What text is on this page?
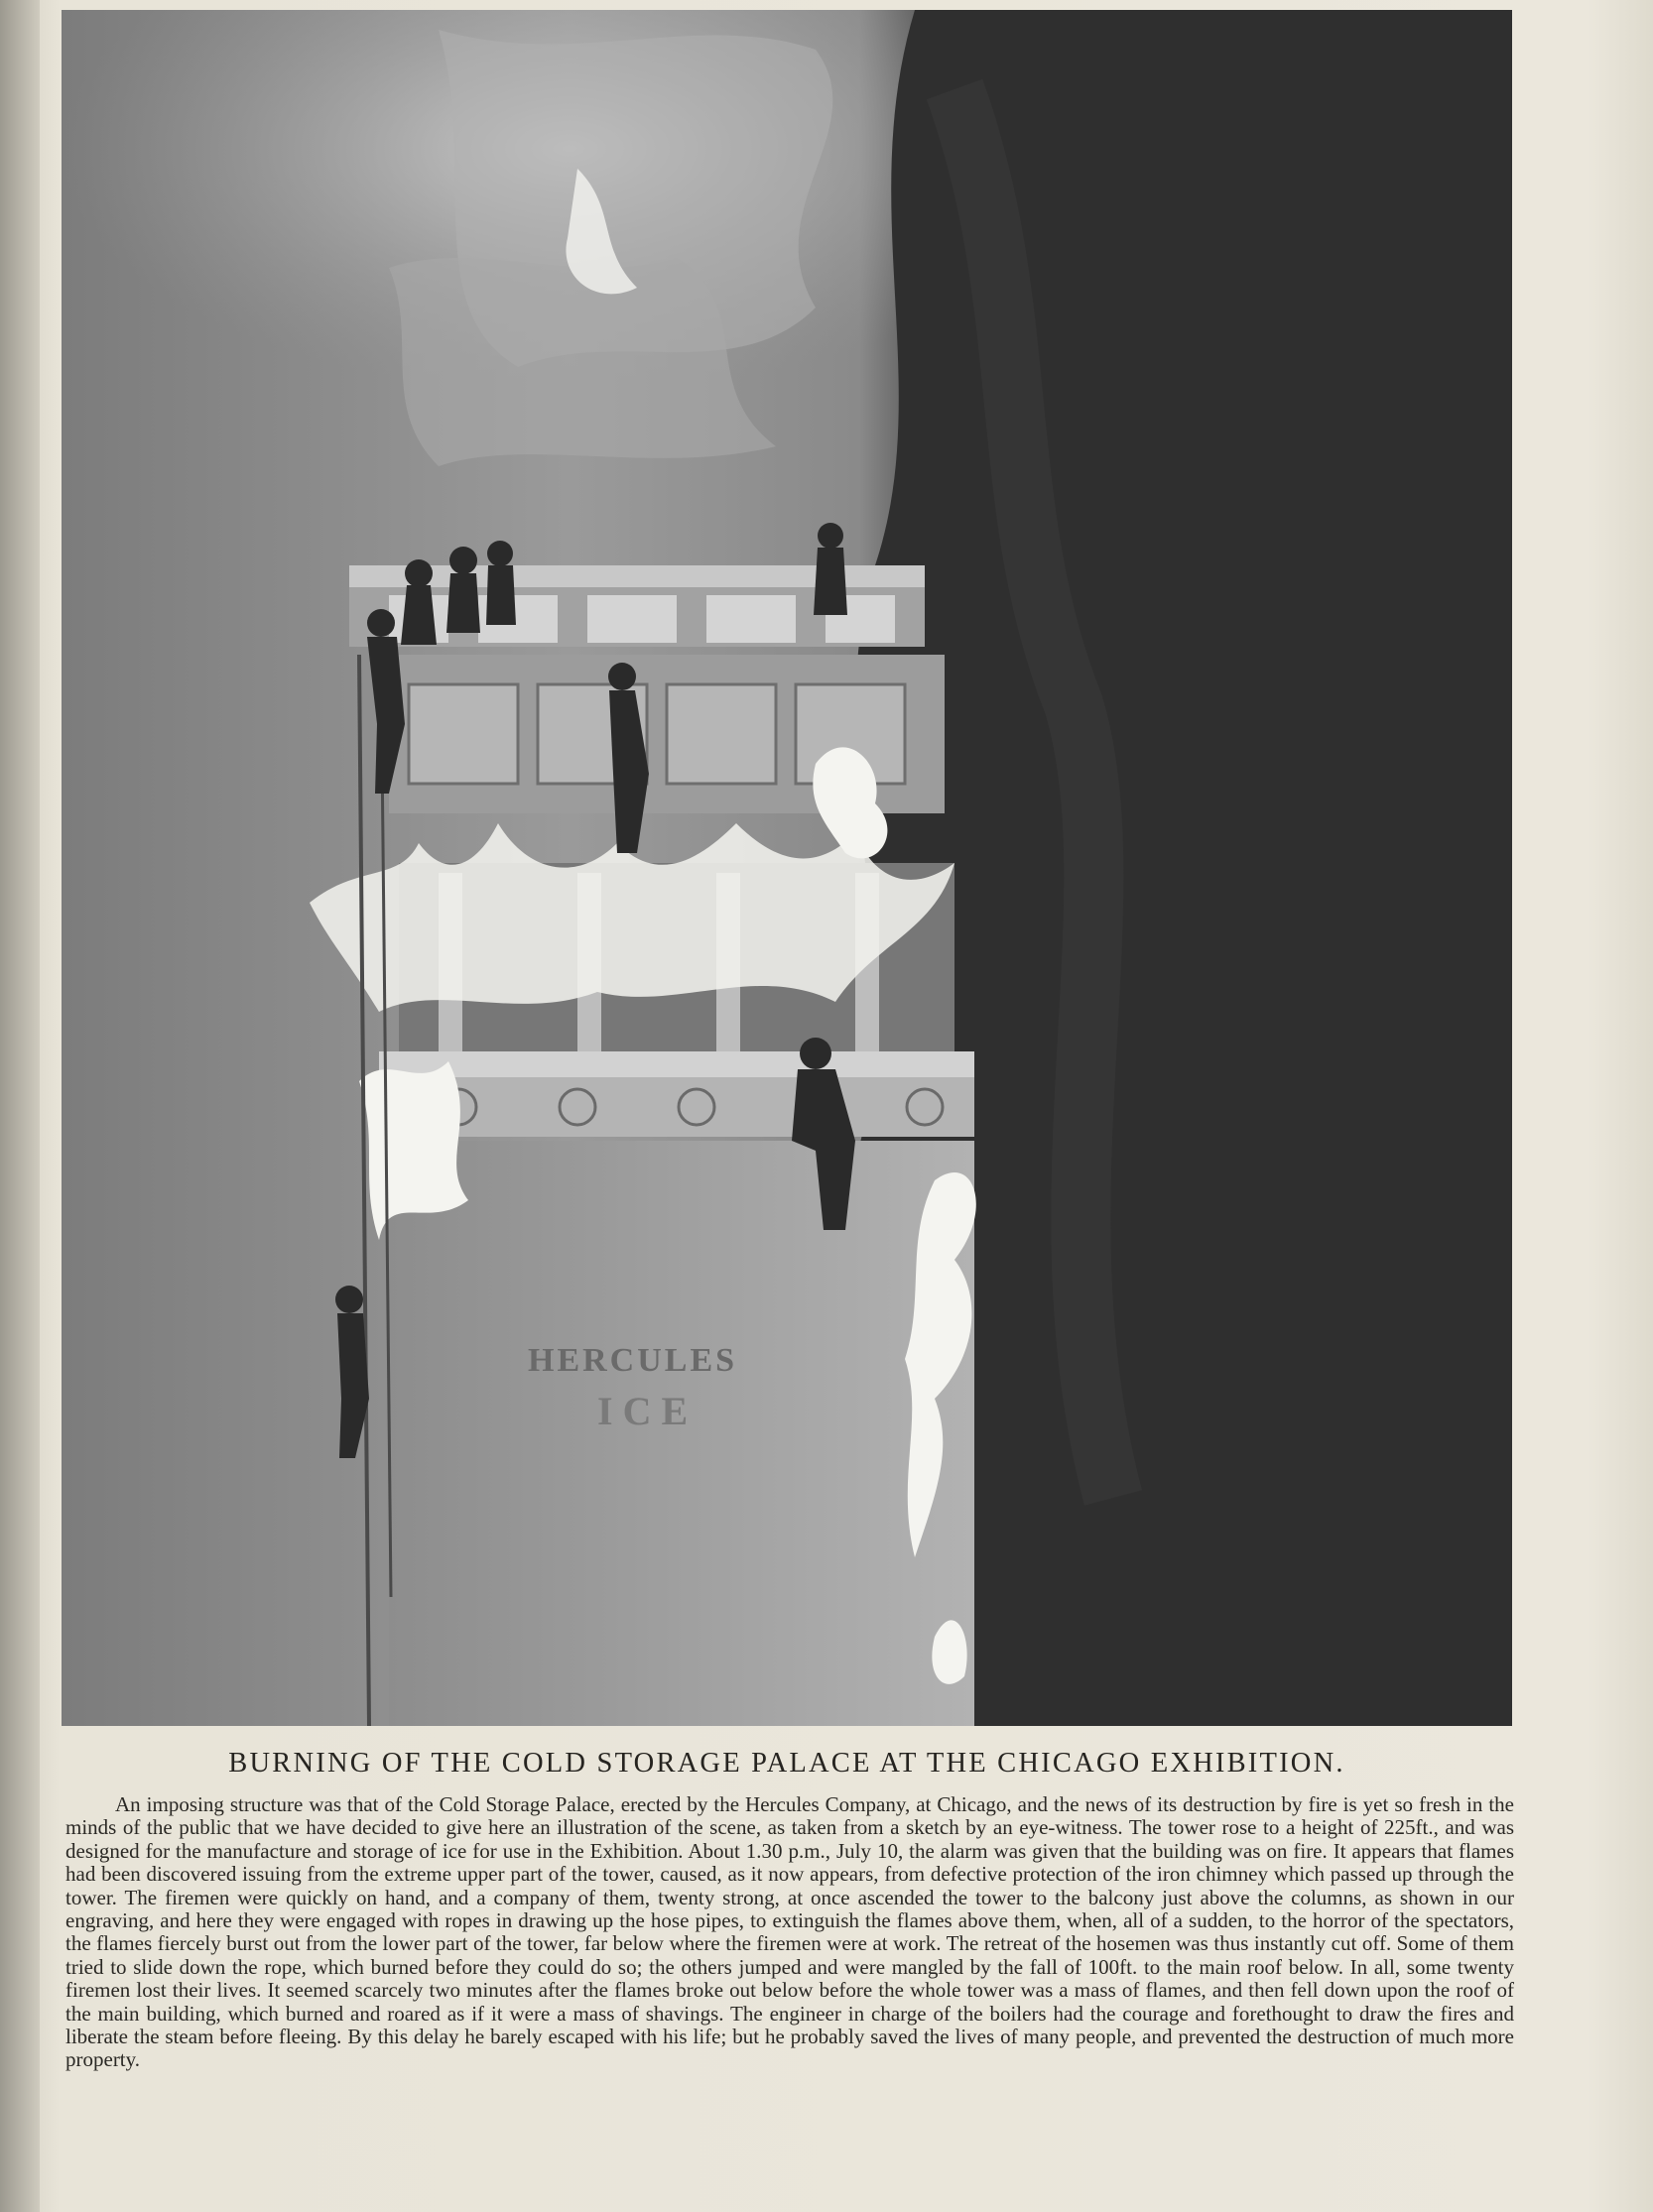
HERCULES
ICE
BURNING OF THE COLD STORAGE PALACE AT THE CHICAGO EXHIBITION.
An imposing structure was that of the Cold Storage Palace, erected by the Hercules Company, at Chicago, and the news of its destruction by fire is yet so fresh in the minds of the public that we have decided to give here an illustration of the scene, as taken from a sketch by an eye-witness. The tower rose to a height of 225ft., and was designed for the manufacture and storage of ice for use in the Exhibition. About 1.30 p.m., July 10, the alarm was given that the building was on fire. It appears that flames had been discovered issuing from the extreme upper part of the tower, caused, as it now appears, from defective protection of the iron chimney which passed up through the tower. The firemen were quickly on hand, and a company of them, twenty strong, at once ascended the tower to the balcony just above the columns, as shown in our engraving, and here they were engaged with ropes in drawing up the hose pipes, to extinguish the flames above them, when, all of a sudden, to the horror of the spectators, the flames fiercely burst out from the lower part of the tower, far below where the firemen were at work. The retreat of the hosemen was thus instantly cut off. Some of them tried to slide down the rope, which burned before they could do so; the others jumped and were mangled by the fall of 100ft. to the main roof below. In all, some twenty firemen lost their lives. It seemed scarcely two minutes after the flames broke out below before the whole tower was a mass of flames, and then fell down upon the roof of the main building, which burned and roared as if it were a mass of shavings. The engineer in charge of the boilers had the courage and forethought to draw the fires and liberate the steam before fleeing. By this delay he barely escaped with his life; but he probably saved the lives of many people, and prevented the destruction of much more property.
